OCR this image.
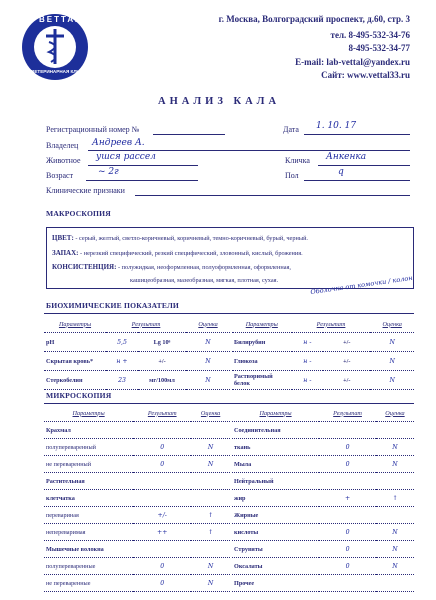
ВЕТТАЛ
ВЕТЕРИНАРНАЯ КЛИНИКА
г. Москва, Волгоградский проспект, д.60, стр. 3
тел. 8-495-532-34-76
8-495-532-34-77
E-mail: lab-vettal@yandex.ru
Сайт: www.vettal33.ru
АНАЛИЗ КАЛА
Регистрационный номер №	Дата 1. 10. 17
Владелец Андреев А.
Животное ушся рассел	Кличка Анкенка
Возраст	~ 2г	Пол	q
Клинические признаки
МАКРОСКОПИЯ
ЦВЕТ: - серый, желтый, светло-коричневый, коричневый, темно-коричневый, бурый, черный.
ЗАПАХ: - нерезкий специфический, резкий специфический, зловонный, кислый, брожения.
КОНСИСТЕНЦИЯ: - полужидкая, неоформленная, полуоформленная, оформленная,
кашицеобразная, мазеобразная, мягкая, плотная, сухая.	Оболочка от комочки / колон
БИОХИМИЧЕСКИЕ ПОКАЗАТЕЛИ
Параметры	Результат		Оценка
pH	5,5	Lg 10⁶	N
Скрытая кровь*	н +	+/-	N
Стеркобелин	23	мг/100мл	N
Параметры	Результат		Оценка
Билирубин	н -	+/-	N
Глюкоза	н -	+/-	N
Растворимый белок	н -	+/-	N
МИКРОСКОПИЯ
Параметры	Результат	Оценка
Крахмал		
полупереваренный	0	N
не переваренный	0	N
Растительная		
клетчатка		
перевариная	+/-	↑
непереваримая	++	↑
Мышечные волокна		
полупереваренные	0	N
не переваренные	0	N
Параметры	Результат	Оценка
Соединительная		
ткань	0	N
Мыла	0	N
Нейтральный		
жир	+	↑
Жирные		
кислоты	0	N
Струвиты	0	N
Оксалаты	0	N
Прочее		
